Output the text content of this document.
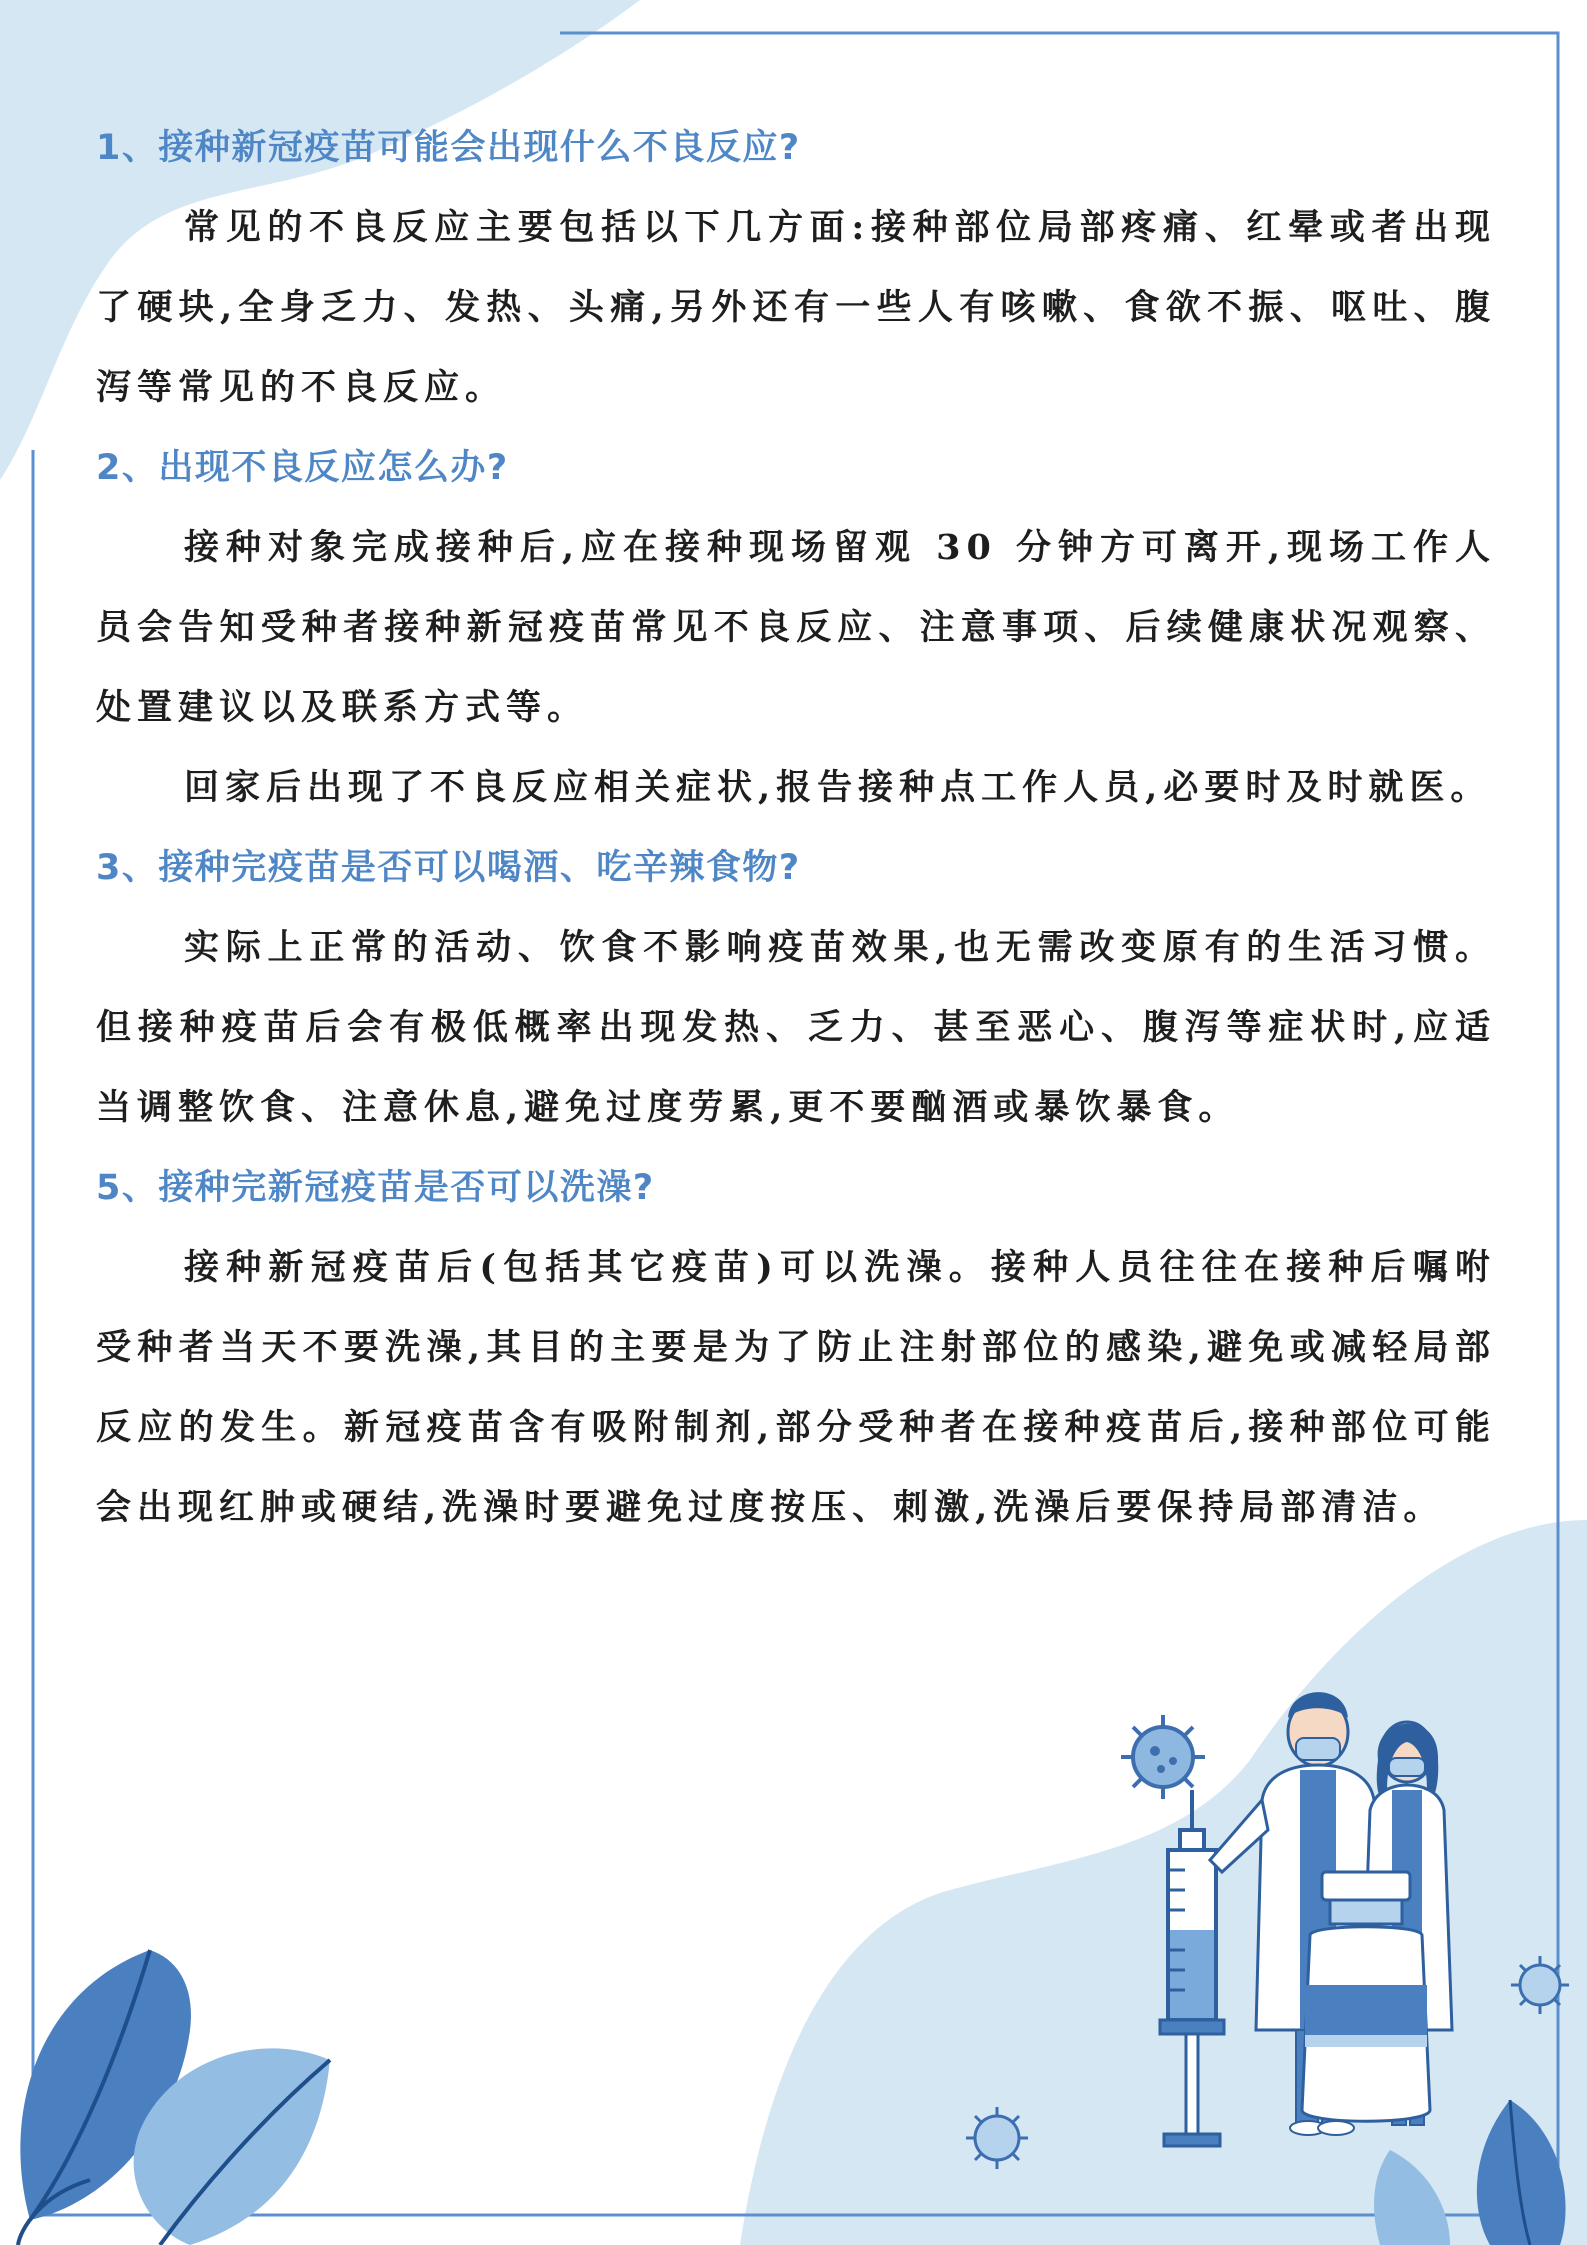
1、接种新冠疫苗可能会出现什么不良反应?

常见的不良反应主要包括以下几方面:接种部位局部疼痛、红晕或者出现了硬块,全身乏力、发热、头痛,另外还有一些人有咳嗽、食欲不振、呕吐、腹泻等常见的不良反应。

2、出现不良反应怎么办?

接种对象完成接种后,应在接种现场留观 30 分钟方可离开,现场工作人员会告知受种者接种新冠疫苗常见不良反应、注意事项、后续健康状况观察、处置建议以及联系方式等。

回家后出现了不良反应相关症状,报告接种点工作人员,必要时及时就医。

3、接种完疫苗是否可以喝酒、吃辛辣食物?

实际上正常的活动、饮食不影响疫苗效果,也无需改变原有的生活习惯。但接种疫苗后会有极低概率出现发热、乏力、甚至恶心、腹泻等症状时,应适当调整饮食、注意休息,避免过度劳累,更不要酗酒或暴饮暴食。

5、接种完新冠疫苗是否可以洗澡?

接种新冠疫苗后(包括其它疫苗)可以洗澡。接种人员往往在接种后嘱咐受种者当天不要洗澡,其目的主要是为了防止注射部位的感染,避免或减轻局部反应的发生。新冠疫苗含有吸附制剂,部分受种者在接种疫苗后,接种部位可能会出现红肿或硬结,洗澡时要避免过度按压、刺激,洗澡后要保持局部清洁。
